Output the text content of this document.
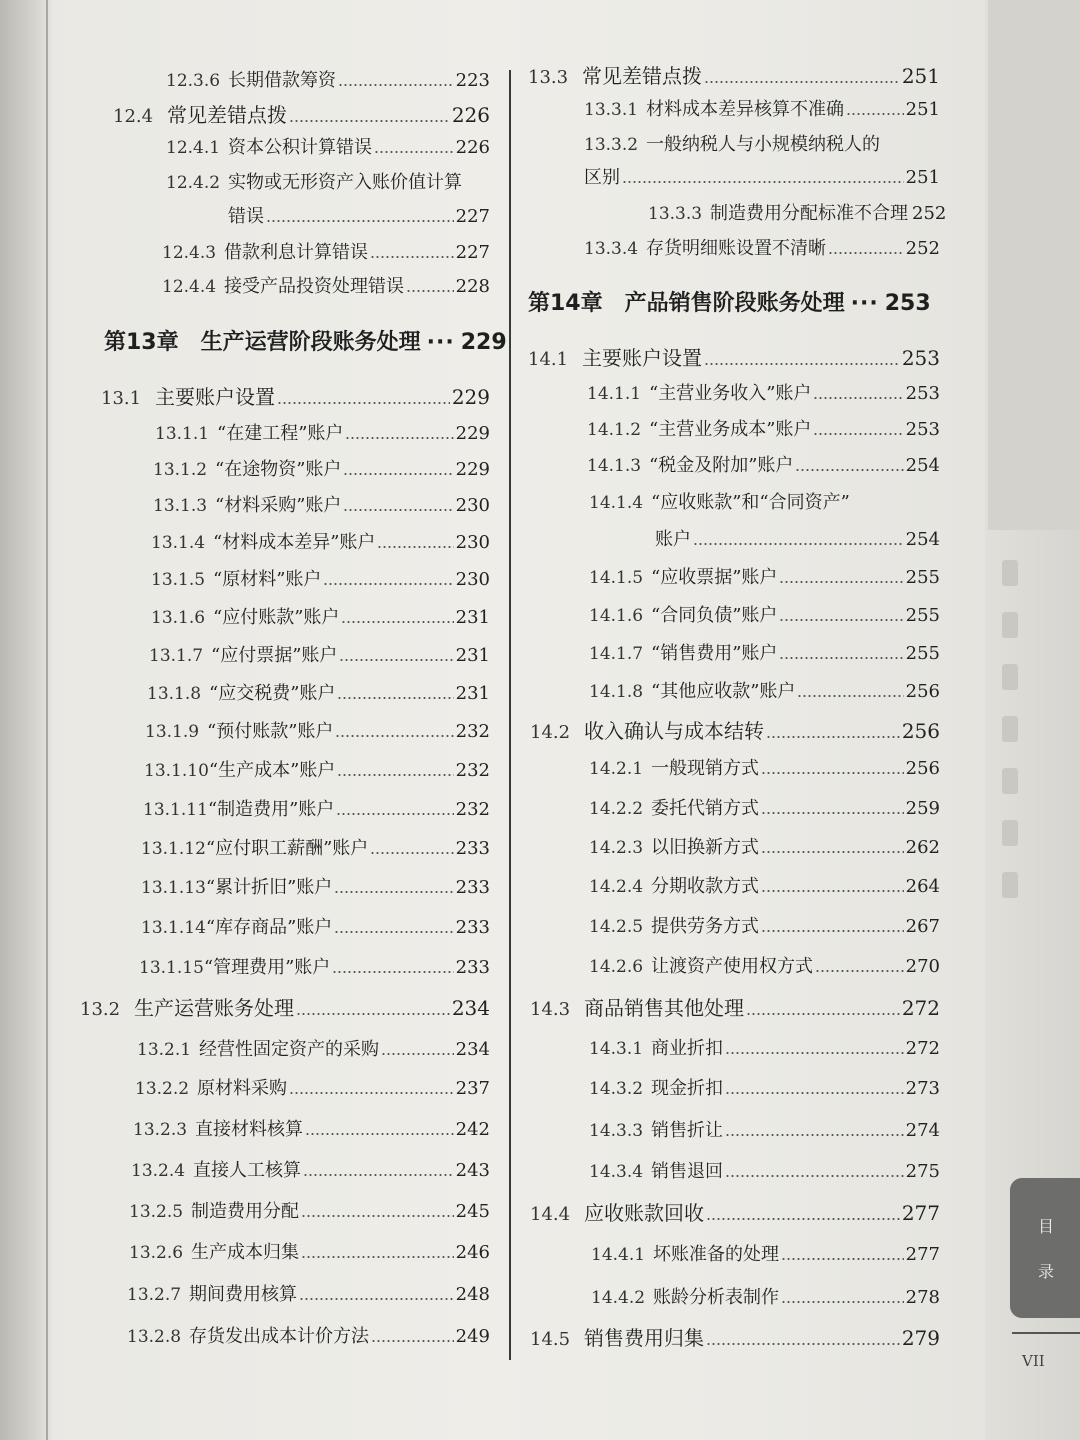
12.3.6 长期借款筹资	223
12.4 常见差错点拨	226
12.4.1 资本公积计算错误	226
12.4.2 实物或无形资产入账价值计算
错误	227
12.4.3 借款利息计算错误	227
12.4.4 接受产品投资处理错误	228
第13章 生产运营阶段账务处理 ··· 229
13.1 主要账户设置	229
13.1.1 “在建工程”账户	229
13.1.2 “在途物资”账户	229
13.1.3 “材料采购”账户	230
13.1.4 “材料成本差异”账户	230
13.1.5 “原材料”账户	230
13.1.6 “应付账款”账户	231
13.1.7 “应付票据”账户	231
13.1.8 “应交税费”账户	231
13.1.9 “预付账款”账户	232
13.1.10 “生产成本”账户	232
13.1.11 “制造费用”账户	232
13.1.12 “应付职工薪酬”账户	233
13.1.13 “累计折旧”账户	233
13.1.14 “库存商品”账户	233
13.1.15 “管理费用”账户	233
13.2 生产运营账务处理	234
13.2.1 经营性固定资产的采购	234
13.2.2 原材料采购	237
13.2.3 直接材料核算	242
13.2.4 直接人工核算	243
13.2.5 制造费用分配	245
13.2.6 生产成本归集	246
13.2.7 期间费用核算	248
13.2.8 存货发出成本计价方法	249
13.3 常见差错点拨	251
13.3.1 材料成本差异核算不准确	251
13.3.2 一般纳税人与小规模纳税人的
区别	251
13.3.3 制造费用分配标准不合理 252
13.3.4 存货明细账设置不清晰	252
第14章 产品销售阶段账务处理 ··· 253
14.1 主要账户设置	253
14.1.1 “主营业务收入”账户	253
14.1.2 “主营业务成本”账户	253
14.1.3 “税金及附加”账户	254
14.1.4 “应收账款”和“合同资产”
账户	254
14.1.5 “应收票据”账户	255
14.1.6 “合同负债”账户	255
14.1.7 “销售费用”账户	255
14.1.8 “其他应收款”账户	256
14.2 收入确认与成本结转	256
14.2.1 一般现销方式	256
14.2.2 委托代销方式	259
14.2.3 以旧换新方式	262
14.2.4 分期收款方式	264
14.2.5 提供劳务方式	267
14.2.6 让渡资产使用权方式	270
14.3 商品销售其他处理	272
14.3.1 商业折扣	272
14.3.2 现金折扣	273
14.3.3 销售折让	274
14.3.4 销售退回	275
14.4 应收账款回收	277
14.4.1 坏账准备的处理	277
14.4.2 账龄分析表制作	278
14.5 销售费用归集	279
目
录
VII
